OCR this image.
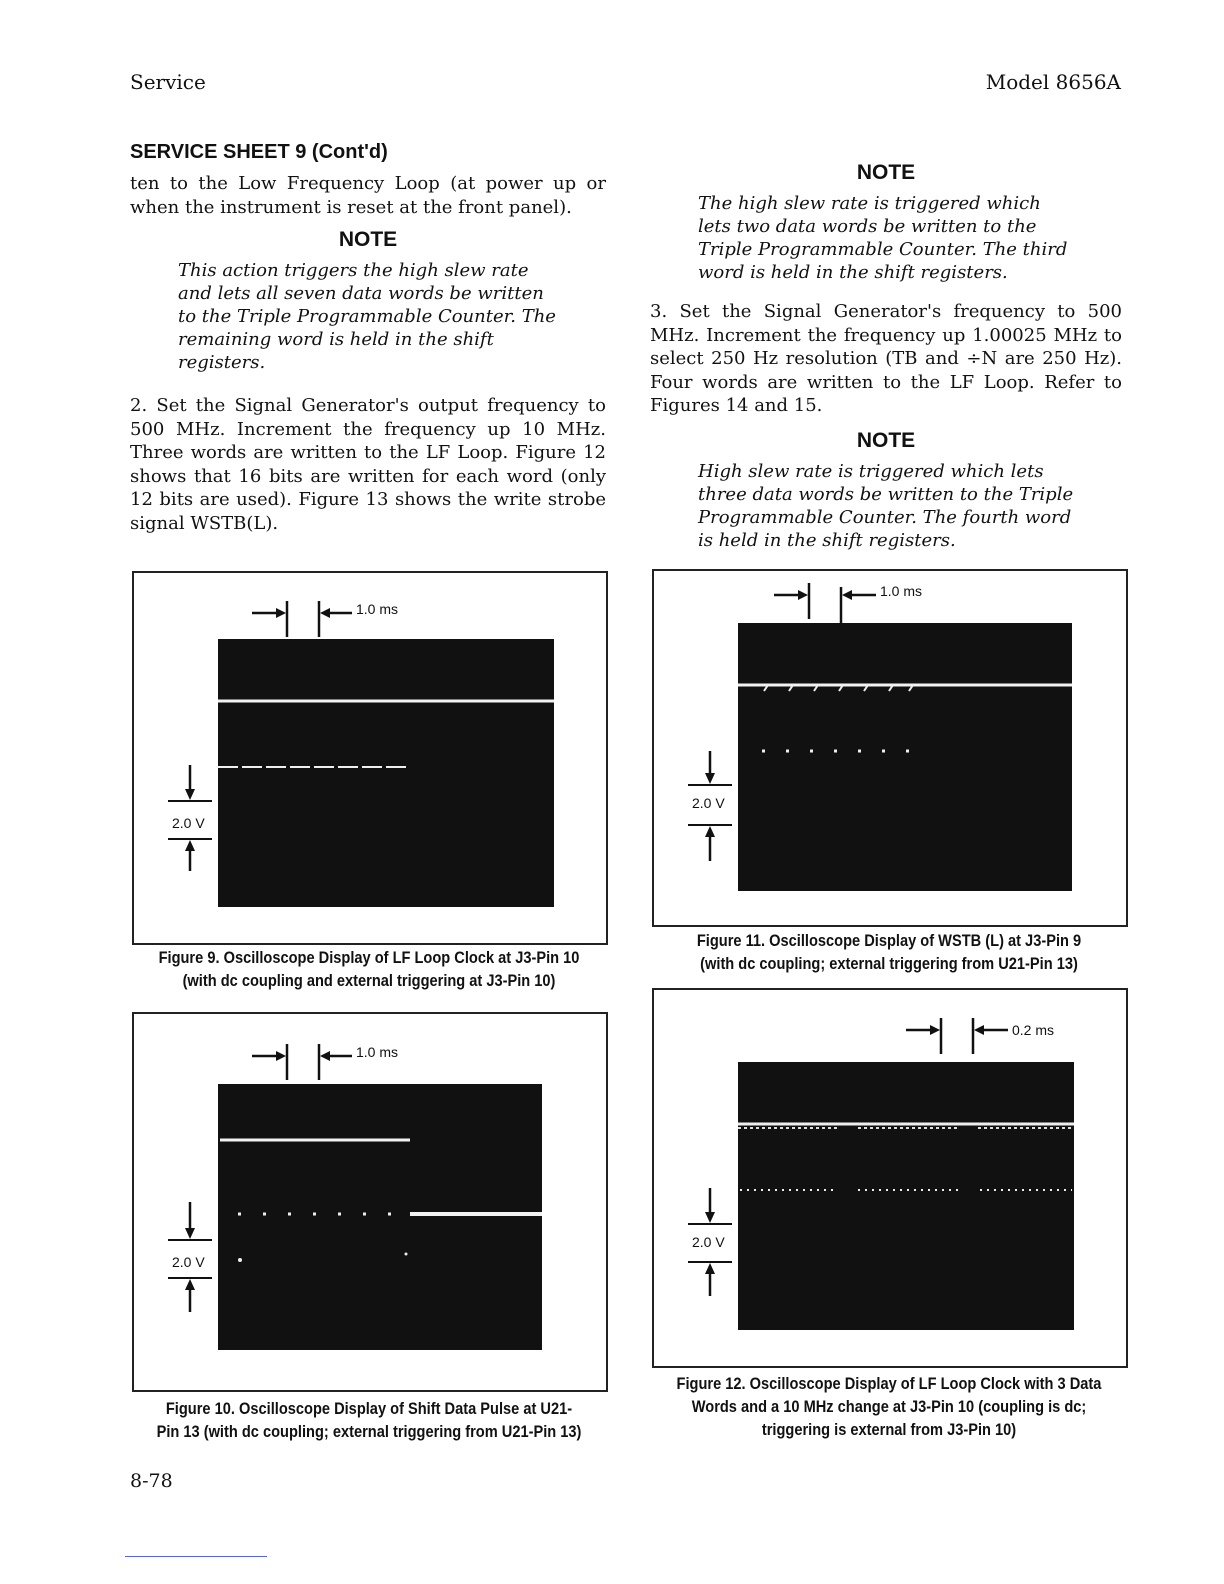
Service	Model 8656A
SERVICE SHEET 9 (Cont'd)

ten to the Low Frequency Loop (at power up or when the instrument is reset at the front panel).

NOTE

This action triggers the high slew rate and lets all seven data words be written to the Triple Programmable Counter. The remaining word is held in the shift registers.

2. Set the Signal Generator's output frequency to 500 MHz. Increment the frequency up 10 MHz. Three words are written to the LF Loop. Figure 12 shows that 16 bits are written for each word (only 12 bits are used). Figure 13 shows the write strobe signal WSTB(L).

NOTE

The high slew rate is triggered which lets two data words be written to the Triple Programmable Counter. The third word is held in the shift registers.

3. Set the Signal Generator's frequency to 500 MHz. Increment the frequency up 1.00025 MHz to select 250 Hz resolution (TB and ÷N are 250 Hz). Four words are written to the LF Loop. Refer to Figures 14 and 15.

NOTE

High slew rate is triggered which lets three data words be written to the Triple Programmable Counter. The fourth word is held in the shift registers.

1.0 ms
2.0 V
Figure 9. Oscilloscope Display of LF Loop Clock at J3-Pin 10
(with dc coupling and external triggering at J3-Pin 10)
1.0 ms
2.0 V
Figure 10. Oscilloscope Display of Shift Data Pulse at U21-
Pin 13 (with dc coupling; external triggering from U21-Pin 13)
1.0 ms
2.0 V
Figure 11. Oscilloscope Display of WSTB (L) at J3-Pin 9
(with dc coupling; external triggering from U21-Pin 13)
0.2 ms
2.0 V
Figure 12. Oscilloscope Display of LF Loop Clock with 3 Data
Words and a 10 MHz change at J3-Pin 10 (coupling is dc;
triggering is external from J3-Pin 10)
8-78
